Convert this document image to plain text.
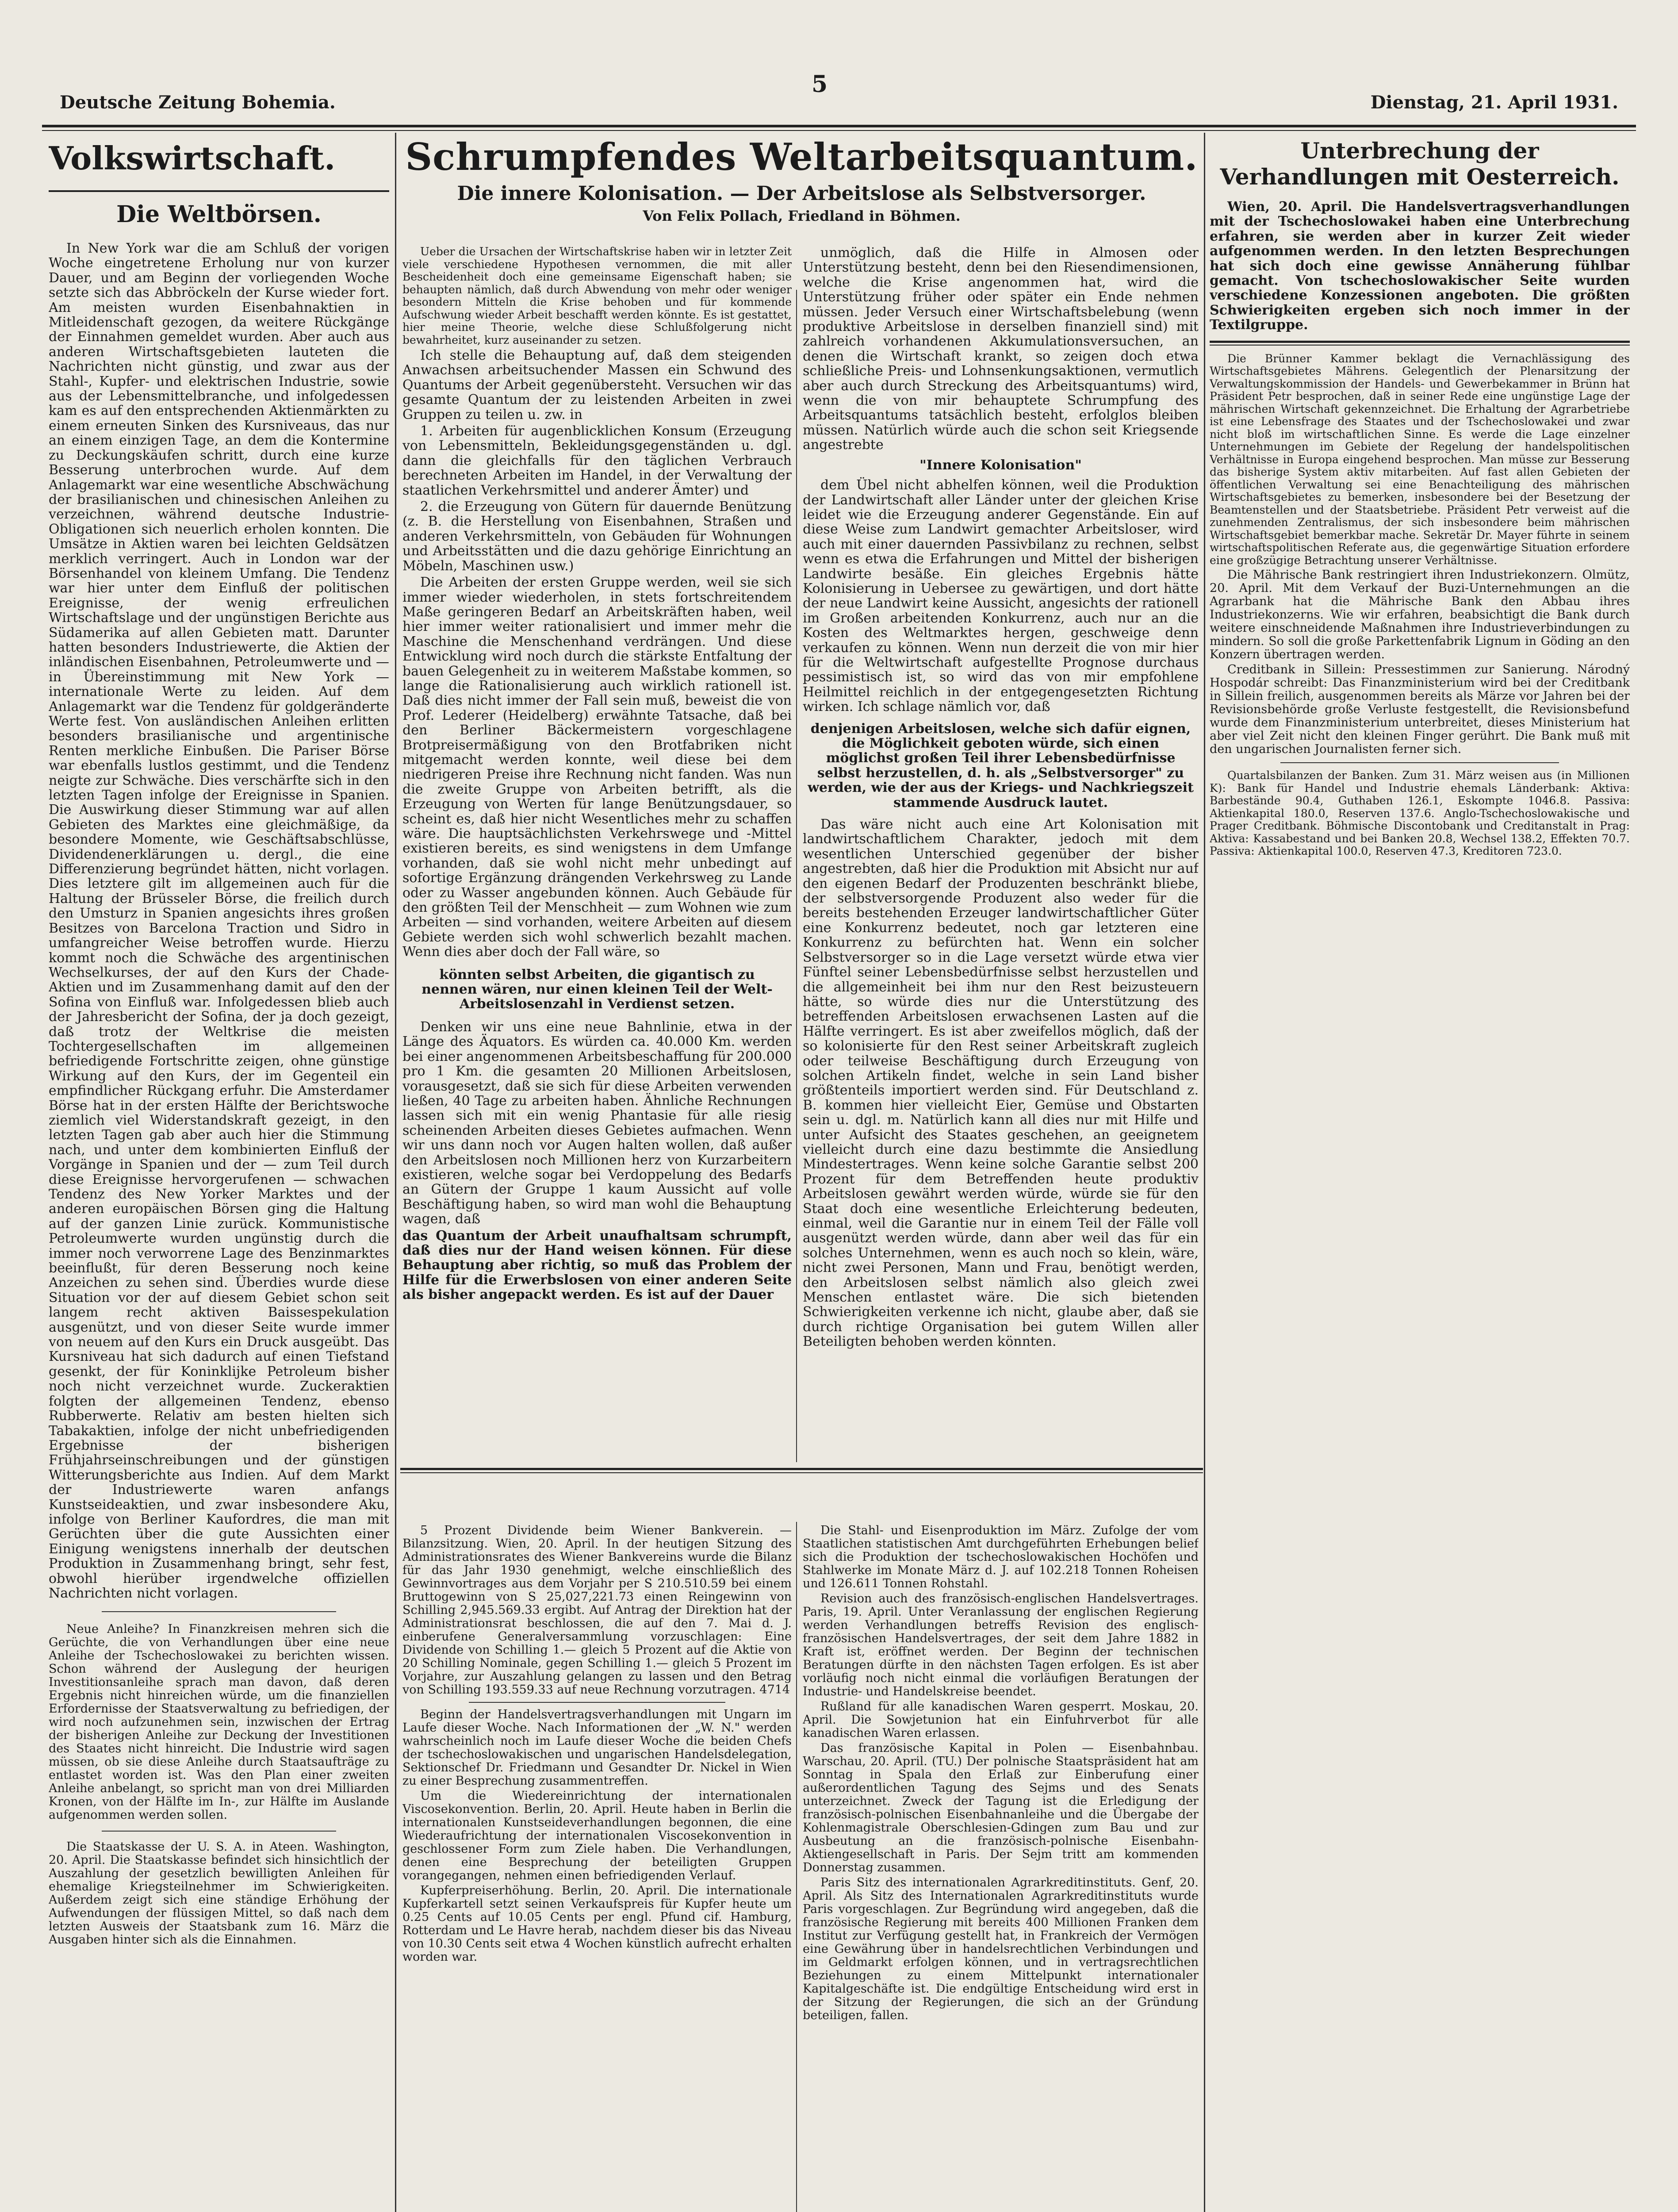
Deutsche Zeitung Bohemia.
5
Dienstag, 21. April 1931.
Volkswirtschaft.
Die Weltbörsen.

In New York war die am Schluß der vorigen Woche eingetretene Erholung nur von kurzer Dauer, und am Beginn der vorliegenden Woche setzte sich das Abbröckeln der Kurse wieder fort. Am meisten wurden Eisenbahnaktien in Mitleidenschaft gezogen, da weitere Rückgänge der Einnahmen gemeldet wurden. Aber auch aus anderen Wirtschaftsgebieten lauteten die Nachrichten nicht günstig, und zwar aus der Stahl-, Kupfer- und elektrischen Industrie, sowie aus der Lebensmittelbranche, und infolgedessen kam es auf den entsprechenden Aktienmärkten zu einem erneuten Sinken des Kursniveaus, das nur an einem einzigen Tage, an dem die Kontermine zu Deckungskäufen schritt, durch eine kurze Besserung unterbrochen wurde. Auf dem Anlagemarkt war eine wesentliche Abschwächung der brasilianischen und chinesischen Anleihen zu verzeichnen, während deutsche Industrie-Obligationen sich neuerlich erholen konnten. Die Umsätze in Aktien waren bei leichten Geldsätzen merklich verringert. Auch in London war der Börsenhandel von kleinem Umfang. Die Tendenz war hier unter dem Einfluß der politischen Ereignisse, der wenig erfreulichen Wirtschaftslage und der ungünstigen Berichte aus Südamerika auf allen Gebieten matt. Darunter hatten besonders Industriewerte, die Aktien der inländischen Eisenbahnen, Petroleumwerte und — in Übereinstimmung mit New York — internationale Werte zu leiden. Auf dem Anlagemarkt war die Tendenz für goldgeränderte Werte fest. Von ausländischen Anleihen erlitten besonders brasilianische und argentinische Renten merkliche Einbußen. Die Pariser Börse war ebenfalls lustlos gestimmt, und die Tendenz neigte zur Schwäche. Dies verschärfte sich in den letzten Tagen infolge der Ereignisse in Spanien. Die Auswirkung dieser Stimmung war auf allen Gebieten des Marktes eine gleichmäßige, da besondere Momente, wie Geschäftsabschlüsse, Dividendenerklärungen u. dergl., die eine Differenzierung begründet hätten, nicht vorlagen. Dies letztere gilt im allgemeinen auch für die Haltung der Brüsseler Börse, die freilich durch den Umsturz in Spanien angesichts ihres großen Besitzes von Barcelona Traction und Sidro in umfangreicher Weise betroffen wurde. Hierzu kommt noch die Schwäche des argentinischen Wechselkurses, der auf den Kurs der Chade-Aktien und im Zusammenhang damit auf den der Sofina von Einfluß war. Infolgedessen blieb auch der Jahresbericht der Sofina, der ja doch gezeigt, daß trotz der Weltkrise die meisten Tochtergesellschaften im allgemeinen befriedigende Fortschritte zeigen, ohne günstige Wirkung auf den Kurs, der im Gegenteil ein empfindlicher Rückgang erfuhr. Die Amsterdamer Börse hat in der ersten Hälfte der Berichtswoche ziemlich viel Widerstandskraft gezeigt, in den letzten Tagen gab aber auch hier die Stimmung nach, und unter dem kombinierten Einfluß der Vorgänge in Spanien und der — zum Teil durch diese Ereignisse hervorgerufenen — schwachen Tendenz des New Yorker Marktes und der anderen europäischen Börsen ging die Haltung auf der ganzen Linie zurück. Kommunistische Petroleumwerte wurden ungünstig durch die immer noch verworrene Lage des Benzinmarktes beeinflußt, für deren Besserung noch keine Anzeichen zu sehen sind. Überdies wurde diese Situation vor der auf diesem Gebiet schon seit langem recht aktiven Baissespekulation ausgenützt, und von dieser Seite wurde immer von neuem auf den Kurs ein Druck ausgeübt. Das Kursniveau hat sich dadurch auf einen Tiefstand gesenkt, der für Koninklijke Petroleum bisher noch nicht verzeichnet wurde. Zuckeraktien folgten der allgemeinen Tendenz, ebenso Rubberwerte. Relativ am besten hielten sich Tabakaktien, infolge der nicht unbefriedigenden Ergebnisse der bisherigen Frühjahrseinschreibungen und der günstigen Witterungsberichte aus Indien. Auf dem Markt der Industriewerte waren anfangs Kunstseideaktien, und zwar insbesondere Aku, infolge von Berliner Kaufordres, die man mit Gerüchten über die gute Aussichten einer Einigung wenigstens innerhalb der deutschen Produktion in Zusammenhang bringt, sehr fest, obwohl hierüber irgendwelche offiziellen Nachrichten nicht vorlagen.

Neue Anleihe? In Finanzkreisen mehren sich die Gerüchte, die von Verhandlungen über eine neue Anleihe der Tschechoslowakei zu berichten wissen. Schon während der Auslegung der heurigen Investitionsanleihe sprach man davon, daß deren Ergebnis nicht hinreichen würde, um die finanziellen Erfordernisse der Staatsverwaltung zu befriedigen, der wird noch aufzunehmen sein, inzwischen der Ertrag der bisherigen Anleihe zur Deckung der Investitionen des Staates nicht hinreicht. Die Industrie wird sagen müssen, ob sie diese Anleihe durch Staatsaufträge zu entlastet worden ist. Was den Plan einer zweiten Anleihe anbelangt, so spricht man von drei Milliarden Kronen, von der Hälfte im In-, zur Hälfte im Auslande aufgenommen werden sollen.

Die Staatskasse der U. S. A. in Ateen. Washington, 20. April. Die Staatskasse befindet sich hinsichtlich der Auszahlung der gesetzlich bewilligten Anleihen für ehemalige Kriegsteilnehmer im Schwierigkeiten. Außerdem zeigt sich eine ständige Erhöhung der Aufwendungen der flüssigen Mittel, so daß nach dem letzten Ausweis der Staatsbank zum 16. März die Ausgaben hinter sich als die Einnahmen.

Schrumpfendes Weltarbeitsquantum.
Die innere Kolonisation. — Der Arbeitslose als Selbstversorger.
Von Felix Pollach, Friedland in Böhmen.

Ueber die Ursachen der Wirtschaftskrise haben wir in letzter Zeit viele verschiedene Hypothesen vernommen, die mit aller Bescheidenheit doch eine gemeinsame Eigenschaft haben; sie behaupten nämlich, daß durch Abwendung von mehr oder weniger besondern Mitteln die Krise behoben und für kommende Aufschwung wieder Arbeit beschafft werden könnte. Es ist gestattet, hier meine Theorie, welche diese Schlußfolgerung nicht bewahrheitet, kurz auseinander zu setzen.

Ich stelle die Behauptung auf, daß dem steigenden Anwachsen arbeitsuchender Massen ein Schwund des Quantums der Arbeit gegenübersteht. Versuchen wir das gesamte Quantum der zu leistenden Arbeiten in zwei Gruppen zu teilen u. zw. in

1. Arbeiten für augenblicklichen Konsum (Erzeugung von Lebensmitteln, Bekleidungsgegenständen u. dgl. dann die gleichfalls für den täglichen Verbrauch berechneten Arbeiten im Handel, in der Verwaltung der staatlichen Verkehrsmittel und anderer Ämter) und

2. die Erzeugung von Gütern für dauernde Benützung (z. B. die Herstellung von Eisenbahnen, Straßen und anderen Verkehrsmitteln, von Gebäuden für Wohnungen und Arbeitsstätten und die dazu gehörige Einrichtung an Möbeln, Maschinen usw.)

Die Arbeiten der ersten Gruppe werden, weil sie sich immer wieder wiederholen, in stets fortschreitendem Maße geringeren Bedarf an Arbeitskräften haben, weil hier immer weiter rationalisiert und immer mehr die Maschine die Menschenhand verdrängen. Und diese Entwicklung wird noch durch die stärkste Entfaltung der bauen Gelegenheit zu in weiterem Maßstabe kommen, so lange die Rationalisierung auch wirklich rationell ist. Daß dies nicht immer der Fall sein muß, beweist die von Prof. Lederer (Heidelberg) erwähnte Tatsache, daß bei den Berliner Bäckermeistern vorgeschlagene Brotpreisermäßigung von den Brotfabriken nicht mitgemacht werden konnte, weil diese bei dem niedrigeren Preise ihre Rechnung nicht fanden. Was nun die zweite Gruppe von Arbeiten betrifft, als die Erzeugung von Werten für lange Benützungsdauer, so scheint es, daß hier nicht Wesentliches mehr zu schaffen wäre. Die hauptsächlichsten Verkehrswege und -Mittel existieren bereits, es sind wenigstens in dem Umfange vorhanden, daß sie wohl nicht mehr unbedingt auf sofortige Ergänzung drängenden Verkehrsweg zu Lande oder zu Wasser angebunden können. Auch Gebäude für den größten Teil der Menschheit — zum Wohnen wie zum Arbeiten — sind vorhanden, weitere Arbeiten auf diesem Gebiete werden sich wohl schwerlich bezahlt machen. Wenn dies aber doch der Fall wäre, so

könnten selbst Arbeiten, die gigantisch zu nennen wären, nur einen kleinen Teil der Welt-Arbeitslosenzahl in Verdienst setzen.

Denken wir uns eine neue Bahnlinie, etwa in der Länge des Äquators. Es würden ca. 40.000 Km. werden bei einer angenommenen Arbeitsbeschaffung für 200.000 pro 1 Km. die gesamten 20 Millionen Arbeitslosen, vorausgesetzt, daß sie sich für diese Arbeiten verwenden ließen, 40 Tage zu arbeiten haben. Ähnliche Rechnungen lassen sich mit ein wenig Phantasie für alle riesig scheinenden Arbeiten dieses Gebietes aufmachen. Wenn wir uns dann noch vor Augen halten wollen, daß außer den Arbeitslosen noch Millionen herz von Kurzarbeitern existieren, welche sogar bei Verdoppelung des Bedarfs an Gütern der Gruppe 1 kaum Aussicht auf volle Beschäftigung haben, so wird man wohl die Behauptung wagen, daß

das Quantum der Arbeit unaufhaltsam schrumpft, daß dies nur der Hand weisen können. Für diese Behauptung aber richtig, so muß das Problem der Hilfe für die Erwerbslosen von einer anderen Seite als bisher angepackt werden. Es ist auf der Dauer

unmöglich, daß die Hilfe in Almosen oder Unterstützung besteht, denn bei den Riesendimensionen, welche die Krise angenommen hat, wird die Unterstützung früher oder später ein Ende nehmen müssen. Jeder Versuch einer Wirtschaftsbelebung (wenn produktive Arbeitslose in derselben finanziell sind) mit zahlreich vorhandenen Akkumulationsversuchen, an denen die Wirtschaft krankt, so zeigen doch etwa schließliche Preis- und Lohnsenkungsaktionen, vermutlich aber auch durch Streckung des Arbeitsquantums) wird, wenn die von mir behauptete Schrumpfung des Arbeitsquantums tatsächlich besteht, erfolglos bleiben müssen. Natürlich würde auch die schon seit Kriegsende angestrebte

"Innere Kolonisation"

dem Übel nicht abhelfen können, weil die Produktion der Landwirtschaft aller Länder unter der gleichen Krise leidet wie die Erzeugung anderer Gegenstände. Ein auf diese Weise zum Landwirt gemachter Arbeitsloser, wird auch mit einer dauernden Passivbilanz zu rechnen, selbst wenn es etwa die Erfahrungen und Mittel der bisherigen Landwirte besäße. Ein gleiches Ergebnis hätte Kolonisierung in Uebersee zu gewärtigen, und dort hätte der neue Landwirt keine Aussicht, angesichts der rationell im Großen arbeitenden Konkurrenz, auch nur an die Kosten des Weltmarktes hergen, geschweige denn verkaufen zu können. Wenn nun derzeit die von mir hier für die Weltwirtschaft aufgestellte Prognose durchaus pessimistisch ist, so wird das von mir empfohlene Heilmittel reichlich in der entgegengesetzten Richtung wirken. Ich schlage nämlich vor, daß

denjenigen Arbeitslosen, welche sich dafür eignen, die Möglichkeit geboten würde, sich einen möglichst großen Teil ihrer Lebensbedürfnisse selbst herzustellen, d. h. als „Selbstversorger" zu werden, wie der aus der Kriegs- und Nachkriegszeit stammende Ausdruck lautet.

Das wäre nicht auch eine Art Kolonisation mit landwirtschaftlichem Charakter, jedoch mit dem wesentlichen Unterschied gegenüber der bisher angestrebten, daß hier die Produktion mit Absicht nur auf den eigenen Bedarf der Produzenten beschränkt bliebe, der selbstversorgende Produzent also weder für die bereits bestehenden Erzeuger landwirtschaftlicher Güter eine Konkurrenz bedeutet, noch gar letzteren eine Konkurrenz zu befürchten hat. Wenn ein solcher Selbstversorger so in die Lage versetzt würde etwa vier Fünftel seiner Lebensbedürfnisse selbst herzustellen und die allgemeinheit bei ihm nur den Rest beizusteuern hätte, so würde dies nur die Unterstützung des betreffenden Arbeitslosen erwachsenen Lasten auf die Hälfte verringert. Es ist aber zweifellos möglich, daß der so kolonisierte für den Rest seiner Arbeitskraft zugleich oder teilweise Beschäftigung durch Erzeugung von solchen Artikeln findet, welche in sein Land bisher größtenteils importiert werden sind. Für Deutschland z. B. kommen hier vielleicht Eier, Gemüse und Obstarten sein u. dgl. m. Natürlich kann all dies nur mit Hilfe und unter Aufsicht des Staates geschehen, an geeignetem vielleicht durch eine dazu bestimmte die Ansiedlung Mindestertrages. Wenn keine solche Garantie selbst 200 Prozent für dem Betreffenden heute produktiv Arbeitslosen gewährt werden würde, würde sie für den Staat doch eine wesentliche Erleichterung bedeuten, einmal, weil die Garantie nur in einem Teil der Fälle voll ausgenützt werden würde, dann aber weil das für ein solches Unternehmen, wenn es auch noch so klein, wäre, nicht zwei Personen, Mann und Frau, benötigt werden, den Arbeitslosen selbst nämlich also gleich zwei Menschen entlastet wäre. Die sich bietenden Schwierigkeiten verkenne ich nicht, glaube aber, daß sie durch richtige Organisation bei gutem Willen aller Beteiligten behoben werden könnten.

5 Prozent Dividende beim Wiener Bankverein. — Bilanzsitzung. Wien, 20. April. In der heutigen Sitzung des Administrationsrates des Wiener Bankvereins wurde die Bilanz für das Jahr 1930 genehmigt, welche einschließlich des Gewinnvortrages aus dem Vorjahr per S 210.510.59 bei einem Bruttogewinn von S 25,027,221.73 einen Reingewinn von Schilling 2,945.569.33 ergibt. Auf Antrag der Direktion hat der Administrationsrat beschlossen, die auf den 7. Mai d. J. einberufene Generalversammlung vorzuschlagen: Eine Dividende von Schilling 1.— gleich 5 Prozent auf die Aktie von 20 Schilling Nominale, gegen Schilling 1.— gleich 5 Prozent im Vorjahre, zur Auszahlung gelangen zu lassen und den Betrag von Schilling 193.559.33 auf neue Rechnung vorzutragen. 4714

Beginn der Handelsvertragsverhandlungen mit Ungarn im Laufe dieser Woche. Nach Informationen der „W. N." werden wahrscheinlich noch im Laufe dieser Woche die beiden Chefs der tschechoslowakischen und ungarischen Handelsdelegation, Sektionschef Dr. Friedmann und Gesandter Dr. Nickel in Wien zu einer Besprechung zusammentreffen.

Um die Wiedereinrichtung der internationalen Viscosekonvention. Berlin, 20. April. Heute haben in Berlin die internationalen Kunstseideverhandlungen begonnen, die eine Wiederaufrichtung der internationalen Viscosekonvention in geschlossener Form zum Ziele haben. Die Verhandlungen, denen eine Besprechung der beteiligten Gruppen vorangegangen, nehmen einen befriedigenden Verlauf.

Kupferpreiserhöhung. Berlin, 20. April. Die internationale Kupferkartell setzt seinen Verkaufspreis für Kupfer heute um 0.25 Cents auf 10.05 Cents per engl. Pfund cif. Hamburg, Rotterdam und Le Havre herab, nachdem dieser bis das Niveau von 10.30 Cents seit etwa 4 Wochen künstlich aufrecht erhalten worden war.

Die Stahl- und Eisenproduktion im März. Zufolge der vom Staatlichen statistischen Amt durchgeführten Erhebungen belief sich die Produktion der tschechoslowakischen Hochöfen und Stahlwerke im Monate März d. J. auf 102.218 Tonnen Roheisen und 126.611 Tonnen Rohstahl.

Revision auch des französisch-englischen Handelsvertrages. Paris, 19. April. Unter Veranlassung der englischen Regierung werden Verhandlungen betreffs Revision des englisch-französischen Handelsvertrages, der seit dem Jahre 1882 in Kraft ist, eröffnet werden. Der Beginn der technischen Beratungen dürfte in den nächsten Tagen erfolgen. Es ist aber vorläufig noch nicht einmal die vorläufigen Beratungen der Industrie- und Handelskreise beendet.

Rußland für alle kanadischen Waren gesperrt. Moskau, 20. April. Die Sowjetunion hat ein Einfuhrverbot für alle kanadischen Waren erlassen.

Das französische Kapital in Polen — Eisenbahnbau. Warschau, 20. April. (TU.) Der polnische Staatspräsident hat am Sonntag in Spala den Erlaß zur Einberufung einer außerordentlichen Tagung des Sejms und des Senats unterzeichnet. Zweck der Tagung ist die Erledigung der französisch-polnischen Eisenbahnanleihe und die Übergabe der Kohlenmagistrale Oberschlesien-Gdingen zum Bau und zur Ausbeutung an die französisch-polnische Eisenbahn-Aktiengesellschaft in Paris. Der Sejm tritt am kommenden Donnerstag zusammen.

Paris Sitz des internationalen Agrarkreditinstituts. Genf, 20. April. Als Sitz des Internationalen Agrarkreditinstituts wurde Paris vorgeschlagen. Zur Begründung wird angegeben, daß die französische Regierung mit bereits 400 Millionen Franken dem Institut zur Verfügung gestellt hat, in Frankreich der Vermögen eine Gewährung über in handelsrechtlichen Verbindungen und im Geldmarkt erfolgen können, und in vertragsrechtlichen Beziehungen zu einem Mittelpunkt internationaler Kapitalgeschäfte ist. Die endgültige Entscheidung wird erst in der Sitzung der Regierungen, die sich an der Gründung beteiligen, fallen.

Unterbrechung der Verhandlungen mit Oesterreich.

Wien, 20. April. Die Handelsvertragsverhandlungen mit der Tschechoslowakei haben eine Unterbrechung erfahren, sie werden aber in kurzer Zeit wieder aufgenommen werden. In den letzten Besprechungen hat sich doch eine gewisse Annäherung fühlbar gemacht. Von tschechoslowakischer Seite wurden verschiedene Konzessionen angeboten. Die größten Schwierigkeiten ergeben sich noch immer in der Textilgruppe.

Die Brünner Kammer beklagt die Vernachlässigung des Wirtschaftsgebietes Mährens. Gelegentlich der Plenarsitzung der Verwaltungskommission der Handels- und Gewerbekammer in Brünn hat Präsident Petr besprochen, daß in seiner Rede eine ungünstige Lage der mährischen Wirtschaft gekennzeichnet. Die Erhaltung der Agrarbetriebe ist eine Lebensfrage des Staates und der Tschechoslowakei und zwar nicht bloß im wirtschaftlichen Sinne. Es werde die Lage einzelner Unternehmungen im Gebiete der Regelung der handelspolitischen Verhältnisse in Europa eingehend besprochen. Man müsse zur Besserung das bisherige System aktiv mitarbeiten. Auf fast allen Gebieten der öffentlichen Verwaltung sei eine Benachteiligung des mährischen Wirtschaftsgebietes zu bemerken, insbesondere bei der Besetzung der Beamtenstellen und der Staatsbetriebe. Präsident Petr verweist auf die zunehmenden Zentralismus, der sich insbesondere beim mährischen Wirtschaftsgebiet bemerkbar mache. Sekretär Dr. Mayer führte in seinem wirtschaftspolitischen Referate aus, die gegenwärtige Situation erfordere eine großzügige Betrachtung unserer Verhältnisse.

Die Mährische Bank restringiert ihren Industriekonzern. Olmütz, 20. April. Mit dem Verkauf der Buzi-Unternehmungen an die Agrarbank hat die Mährische Bank den Abbau ihres Industriekonzerns. Wie wir erfahren, beabsichtigt die Bank durch weitere einschneidende Maßnahmen ihre Industrieverbindungen zu mindern. So soll die große Parkettenfabrik Lignum in Göding an den Konzern übertragen werden.

Creditbank in Sillein: Pressestimmen zur Sanierung. Národný Hospodár schreibt: Das Finanzministerium wird bei der Creditbank in Sillein freilich, ausgenommen bereits als Märze vor Jahren bei der Revisionsbehörde große Verluste festgestellt, die Revisionsbefund wurde dem Finanzministerium unterbreitet, dieses Ministerium hat aber viel Zeit nicht den kleinen Finger gerührt. Die Bank muß mit den ungarischen Journalisten ferner sich.

Quartalsbilanzen der Banken. Zum 31. März weisen aus (in Millionen K): Bank für Handel und Industrie ehemals Länderbank: Aktiva: Barbestände 90.4, Guthaben 126.1, Eskompte 1046.8. Passiva: Aktienkapital 180.0, Reserven 137.6. Anglo-Tschechoslowakische und Prager Creditbank. Böhmische Discontobank und Creditanstalt in Prag: Aktiva: Kassabestand und bei Banken 20.8, Wechsel 138.2, Effekten 70.7. Passiva: Aktienkapital 100.0, Reserven 47.3, Kreditoren 723.0.
